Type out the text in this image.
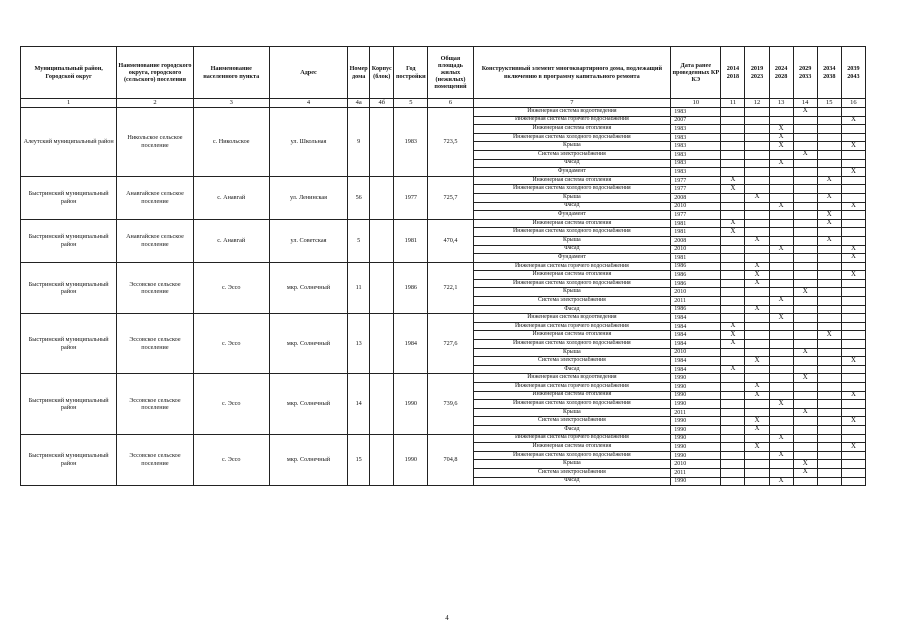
Муниципальный район, Городской округ	Наименование городского округа, городского (сельского) поселения	Наименование населенного пункта	Адрес	Номер дома	Корпус (блок)	Год постройки	Общая площадь жилых (нежилых) помещений	Конструктивный элемент многоквартирного дома, подлежащий включению в программу капитального ремонта	Дата ранее проведенных КР КЭ	2014 2018	2019 2023	2024 2028	2029 2033	2034 2038	2039 2043
1	2	3	4	4а	4б	5	6	7	10	11	12	13	14	15	16
Алеутский муниципальный район	Никольское сельское поселение	с. Никольское	ул. Школьная	9		1983	723,5	Инженерная система водоотведения	1983				X		
								Инженерная система горячего водоснабжения	2007						X
								Инженерная система отопления	1983			X			
								Инженерная система холодного водоснабжения	1983			X			
								Крыша	1983			X			X
								Система электроснабжения	1983				X		
								Фасад	1983			X			
								Фундамент	1983						X
Быстринский муниципальный район	Анавгайское сельское поселение	с. Анавгай	ул. Ленинская	56		1977	725,7	Инженерная система отопления	1977	X				X	
								Инженерная система холодного водоснабжения	1977	X					
								Крыша	2008		X			X	
								Фасад	2010			X			X
								Фундамент	1977					X	
Быстринский муниципальный район	Анавгайское сельское поселение	с. Анавгай	ул. Советская	5		1981	470,4	Инженерная система отопления	1981	X				X	
								Инженерная система холодного водоснабжения	1981	X					
								Крыша	2008		X			X	
								Фасад	2010			X			X
								Фундамент	1981						X
Быстринский муниципальный район	Эссовское сельское поселение	с. Эссо	мкр. Солнечный	11		1986	722,1	Инженерная система горячего водоснабжения	1986		X				
								Инженерная система отопления	1986		X				X
								Инженерная система холодного водоснабжения	1986		X				
								Крыша	2010				X		
								Система электроснабжения	2011			X			
								Фасад	1986		X				
Быстринский муниципальный район	Эссовское сельское поселение	с. Эссо	мкр. Солнечный	13		1984	727,6	Инженерная система водоотведения	1984			X			
								Инженерная система горячего водоснабжения	1984	X					
								Инженерная система отопления	1984	X				X	
								Инженерная система холодного водоснабжения	1984	X					
								Крыша	2010				X		
								Система электроснабжения	1984		X				X
								Фасад	1984	X					
Быстринский муниципальный район	Эссовское сельское поселение	с. Эссо	мкр. Солнечный	14		1990	739,6	Инженерная система водоотведения	1990				X		
								Инженерная система горячего водоснабжения	1990		X				
								Инженерная система отопления	1990		X				X
								Инженерная система холодного водоснабжения	1990			X			
								Крыша	2011				X		
								Система электроснабжения	1990		X				X
								Фасад	1990		X				
Быстринский муниципальный район	Эссовское сельское поселение	с. Эссо	мкр. Солнечный	15		1990	704,8	Инженерная система горячего водоснабжения	1990			X			
								Инженерная система отопления	1990		X				X
								Инженерная система холодного водоснабжения	1990			X			
								Крыша	2010				X		
								Система электроснабжения	2011				X		
								Фасад	1990			X			
4
